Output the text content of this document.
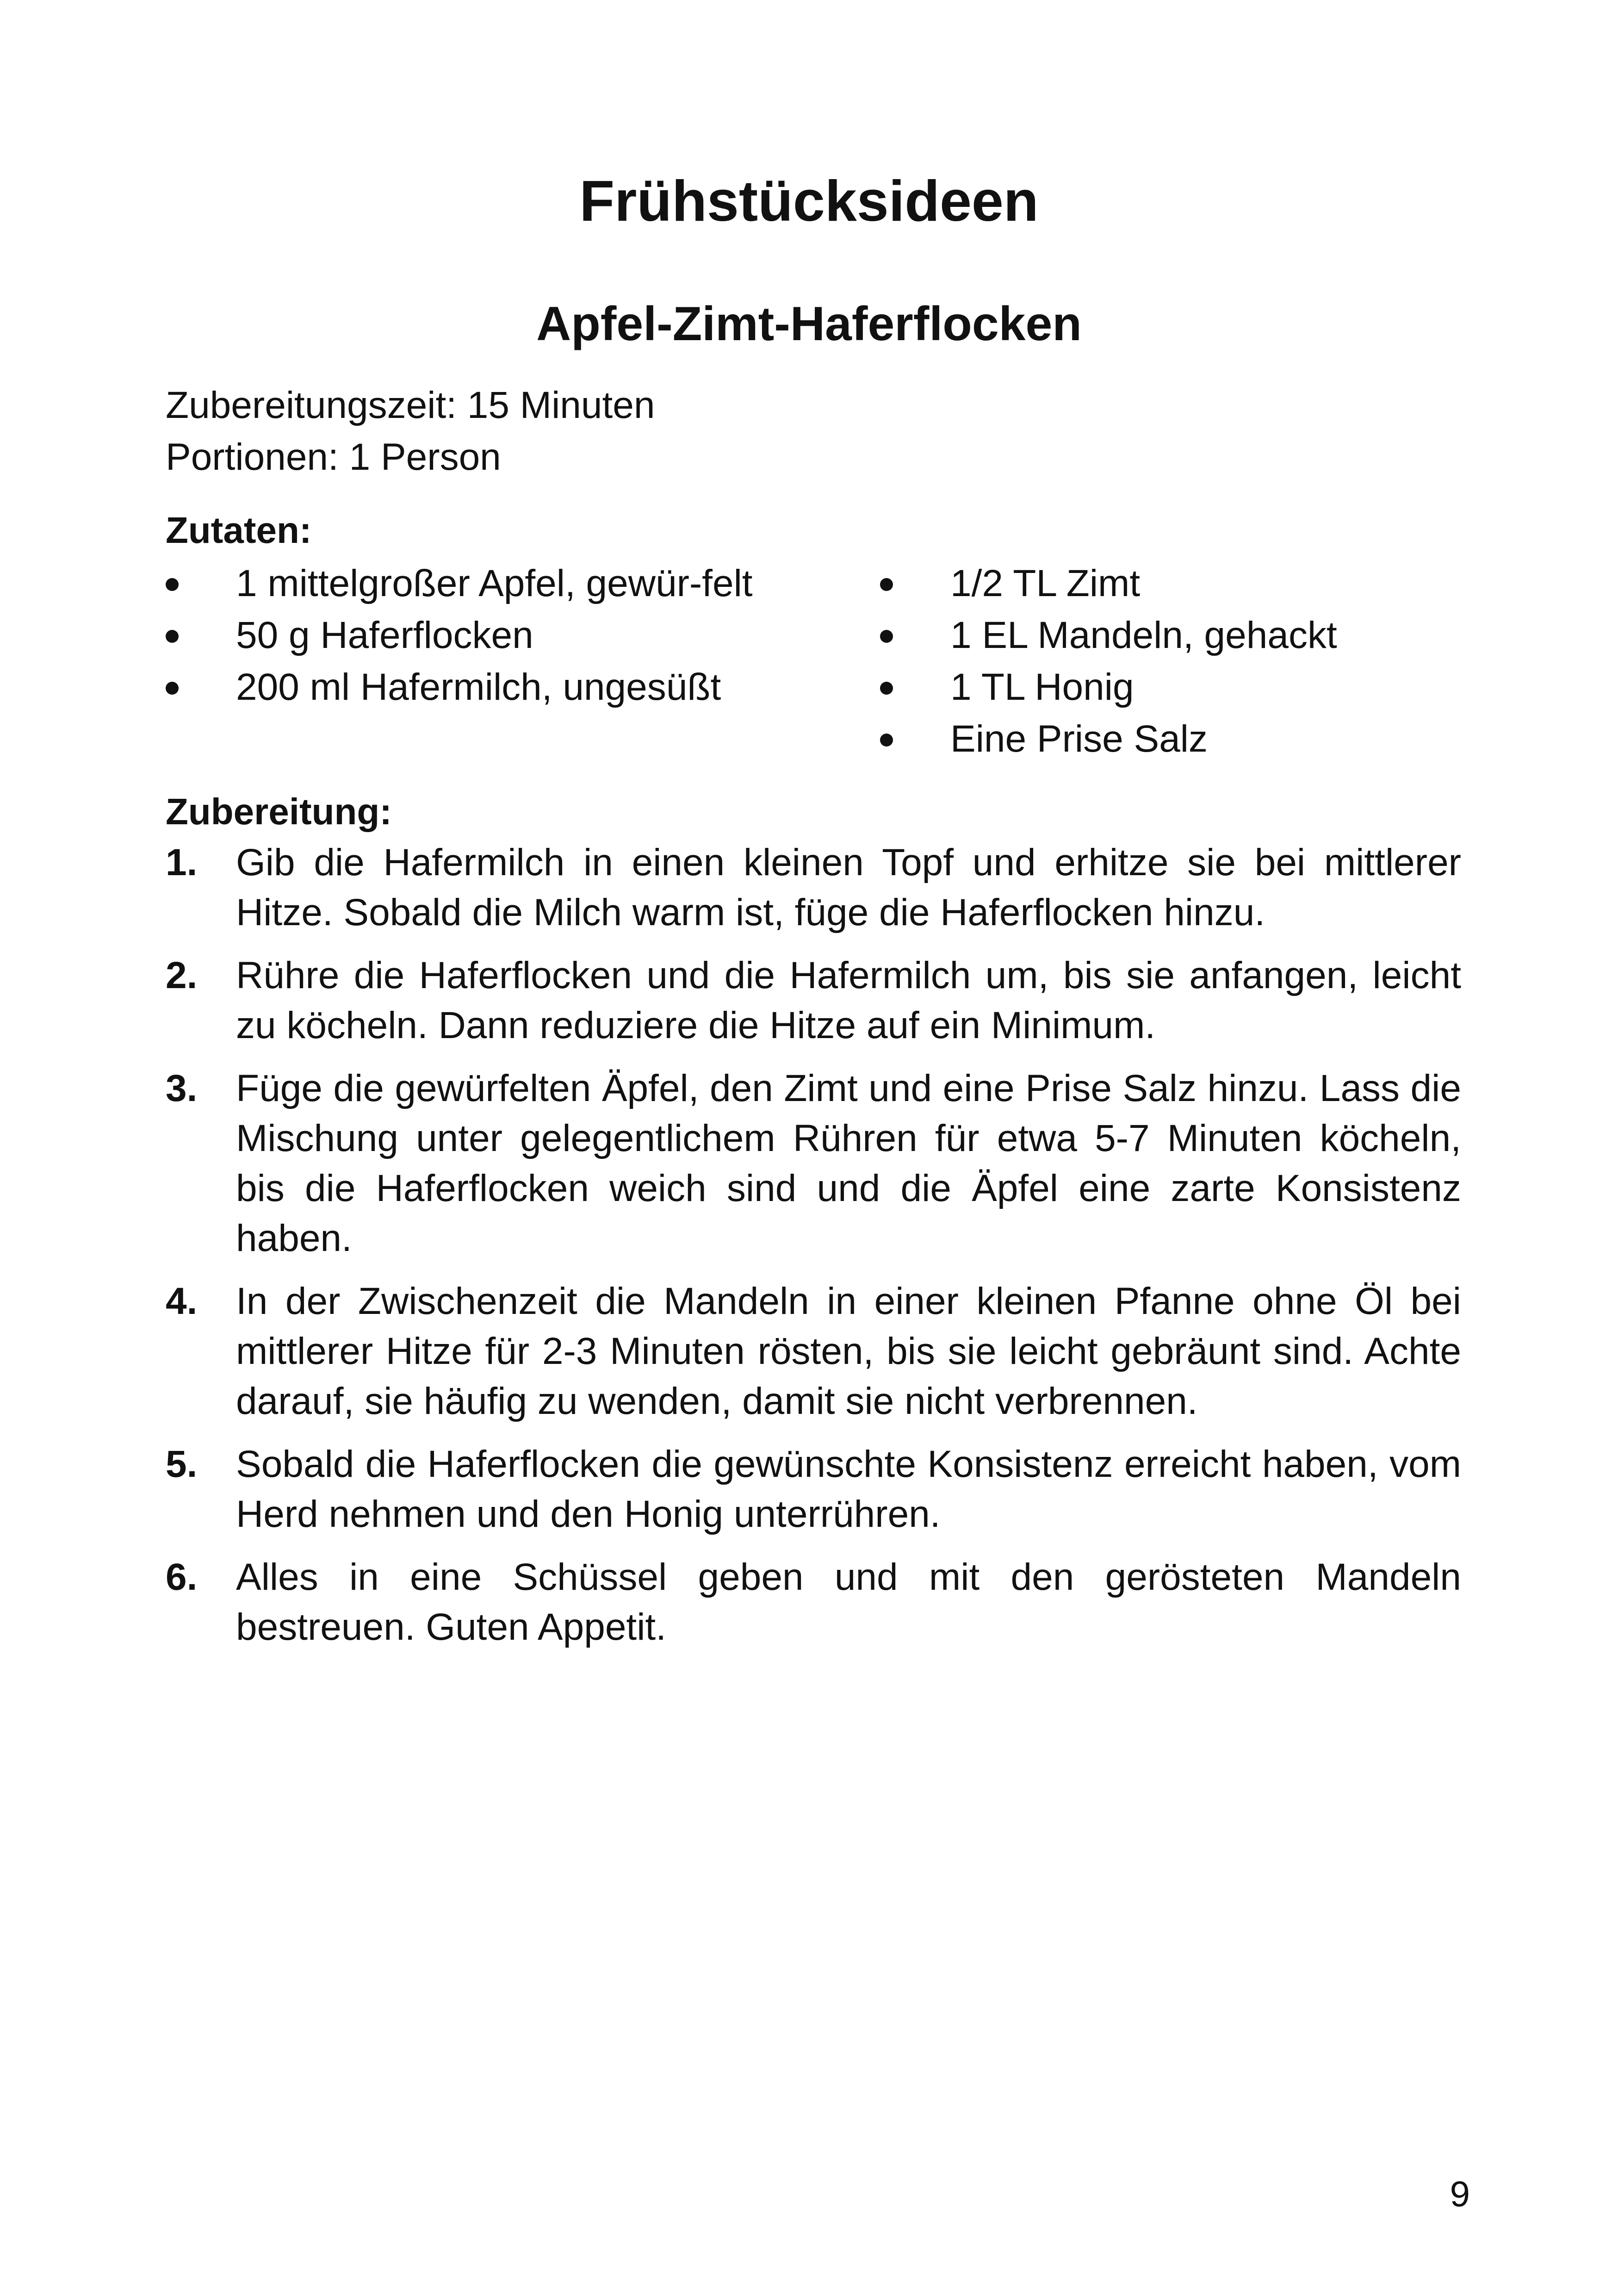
Frühstücksideen
Apfel-Zimt-Haferflocken
Zubereitungszeit: 15 Minuten
Portionen: 1 Person
Zutaten:
1 mittelgroßer Apfel, gewür-felt
50 g Haferflocken
200 ml Hafermilch, ungesüßt
1/2 TL Zimt
1 EL Mandeln, gehackt
1 TL Honig
Eine Prise Salz
Zubereitung:
1. Gib die Hafermilch in einen kleinen Topf und erhitze sie bei mittlerer Hitze. Sobald die Milch warm ist, füge die Haferflocken hinzu.
2. Rühre die Haferflocken und die Hafermilch um, bis sie anfangen, leicht zu köcheln. Dann reduziere die Hitze auf ein Minimum.
3. Füge die gewürfelten Äpfel, den Zimt und eine Prise Salz hinzu. Lass die Mischung unter gelegentlichem Rühren für etwa 5-7 Minuten köcheln, bis die Haferflocken weich sind und die Äpfel eine zarte Konsistenz haben.
4. In der Zwischenzeit die Mandeln in einer kleinen Pfanne ohne Öl bei mittlerer Hitze für 2-3 Minuten rösten, bis sie leicht gebräunt sind. Achte darauf, sie häufig zu wenden, damit sie nicht verbrennen.
5. Sobald die Haferflocken die gewünschte Konsistenz erreicht haben, vom Herd nehmen und den Honig unterrühren.
6. Alles in eine Schüssel geben und mit den gerösteten Mandeln bestreuen. Guten Appetit.
9
